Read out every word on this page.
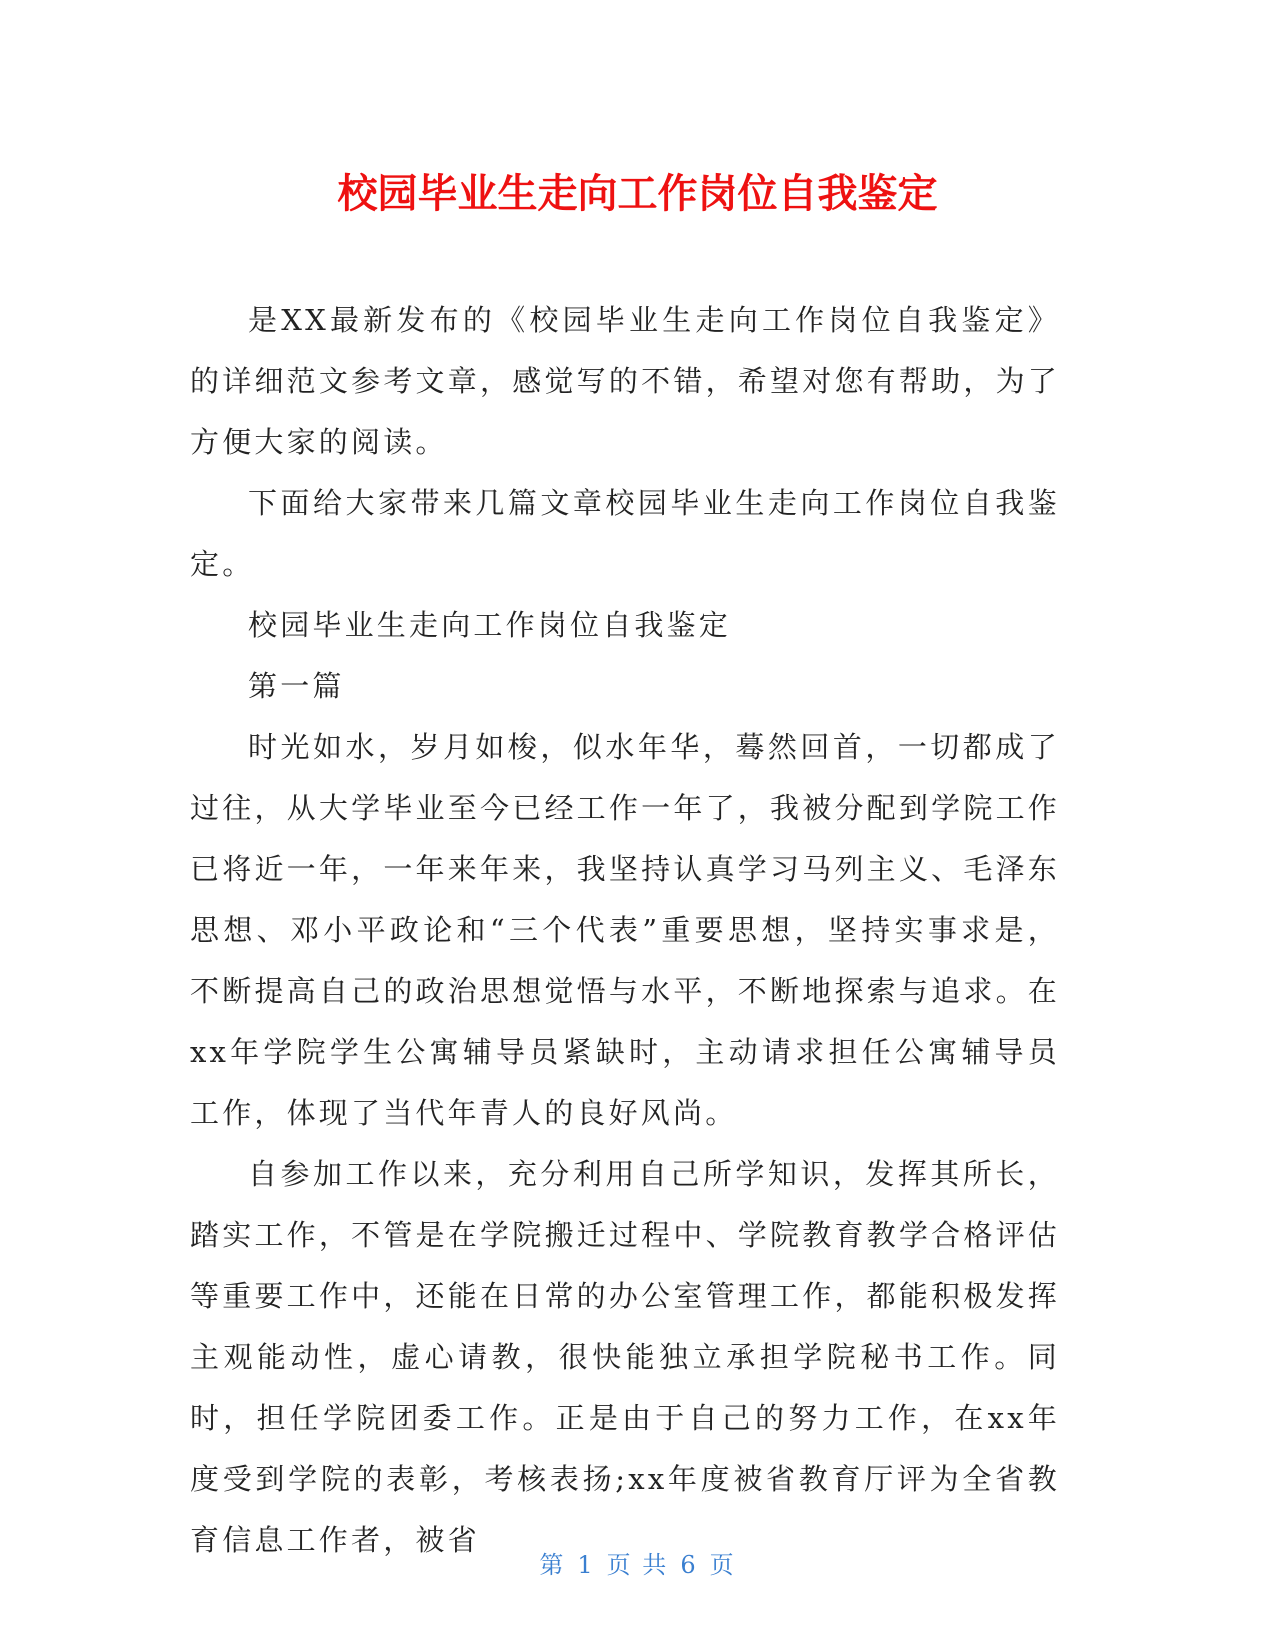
校园毕业生走向工作岗位自我鉴定

是XX最新发布的《校园毕业生走向工作岗位自我鉴定》的详细范文参考文章，感觉写的不错，希望对您有帮助，为了方便大家的阅读。

下面给大家带来几篇文章校园毕业生走向工作岗位自我鉴定。

校园毕业生走向工作岗位自我鉴定

第一篇

时光如水，岁月如梭，似水年华，蓦然回首，一切都成了过往，从大学毕业至今已经工作一年了，我被分配到学院工作已将近一年，一年来年来，我坚持认真学习马列主义、毛泽东思想、邓小平政论和“三个代表”重要思想，坚持实事求是，不断提高自己的政治思想觉悟与水平，不断地探索与追求。在xx年学院学生公寓辅导员紧缺时，主动请求担任公寓辅导员工作，体现了当代年青人的良好风尚。

自参加工作以来，充分利用自己所学知识，发挥其所长，踏实工作，不管是在学院搬迁过程中、学院教育教学合格评估等重要工作中，还能在日常的办公室管理工作，都能积极发挥主观能动性，虚心请教，很快能独立承担学院秘书工作。同时，担任学院团委工作。正是由于自己的努力工作，在xx年度受到学院的表彰，考核表扬;xx年度被省教育厅评为全省教育信息工作者，被省

第 1 页 共 6 页
